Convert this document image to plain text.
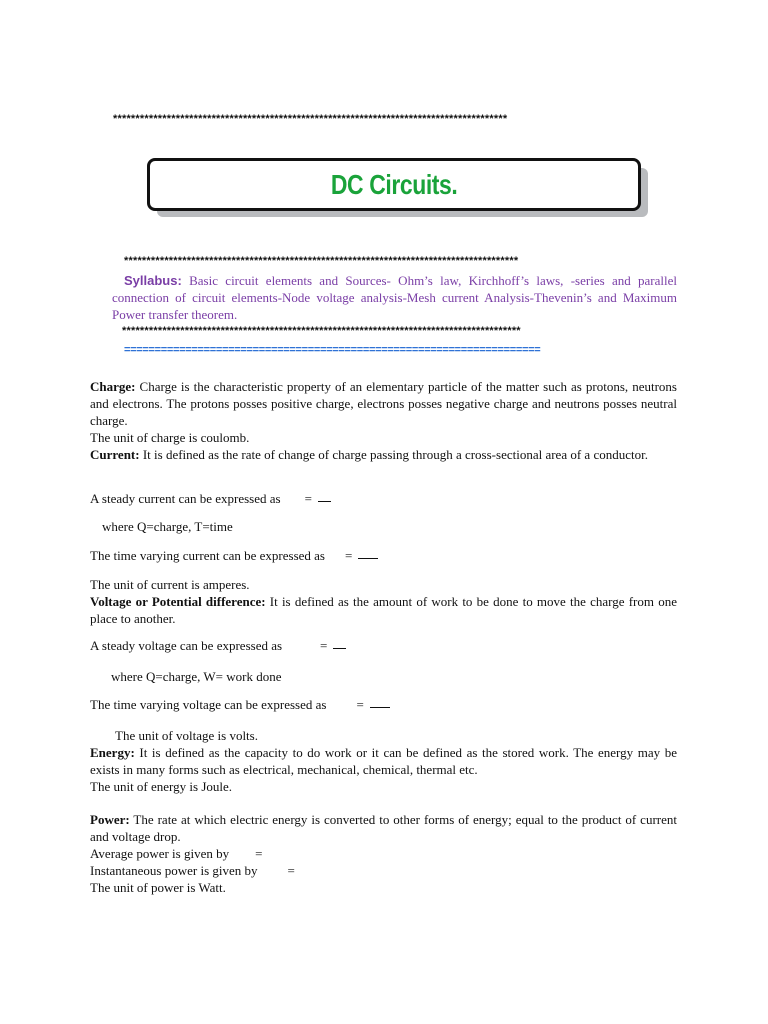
****************************************************************************************
DC Circuits.
****************************************************************************************
Syllabus: Basic circuit elements and Sources- Ohm’s law, Kirchhoff’s laws, -series and parallel connection of circuit elements-Node voltage analysis-Mesh current Analysis-Thevenin’s and Maximum Power transfer theorem.
*****************************************************************************************
====================================================================
Charge: Charge is the characteristic property of an elementary particle of the matter such as protons, neutrons and electrons. The protons posses positive charge, electrons posses negative charge and neutrons posses neutral charge.
The unit of charge is coulomb.
Current: It is defined as the rate of change of charge passing through a cross-sectional area of a conductor.
A steady current can be expressed as =
where Q=charge, T=time
The time varying current can be expressed as =
The unit of current is amperes.
Voltage or Potential difference: It is defined as the amount of work to be done to move the charge from one place to another.
A steady voltage can be expressed as	=
where Q=charge, W= work done
The time varying voltage can be expressed as =
The unit of voltage is volts.
Energy: It is defined as the capacity to do work or it can be defined as the stored work. The energy may be exists in many forms such as electrical, mechanical, chemical, thermal etc.
The unit of energy is Joule.
Power: The rate at which electric energy is converted to other forms of energy; equal to the product of current and voltage drop.
Average power is given by =
Instantaneous power is given by =
The unit of power is Watt.
